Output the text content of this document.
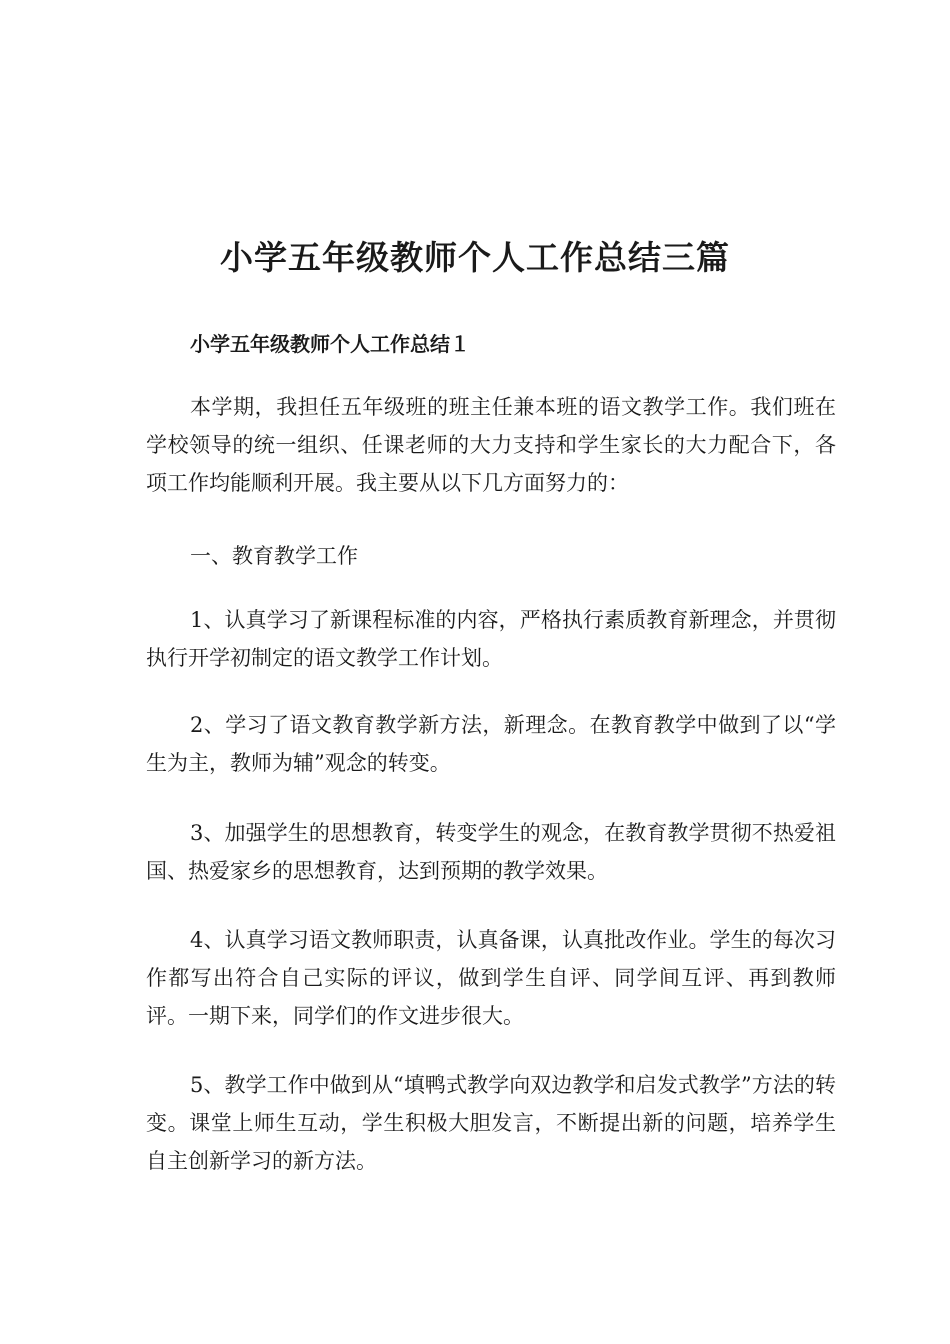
小学五年级教师个人工作总结三篇
小学五年级教师个人工作总结１

本学期，我担任五年级班的班主任兼本班的语文教学工作。我们班在学校领导的统一组织、任课老师的大力支持和学生家长的大力配合下，各项工作均能顺利开展。我主要从以下几方面努力的：

一、教育教学工作

1、认真学习了新课程标准的内容，严格执行素质教育新理念，并贯彻执行开学初制定的语文教学工作计划。

2、学习了语文教育教学新方法，新理念。在教育教学中做到了以“学生为主，教师为辅”观念的转变。

3、加强学生的思想教育，转变学生的观念，在教育教学贯彻不热爱祖国、热爱家乡的思想教育，达到预期的教学效果。

4、认真学习语文教师职责，认真备课，认真批改作业。学生的每次习作都写出符合自己实际的评议，做到学生自评、同学间互评、再到教师评。一期下来，同学们的作文进步很大。

5、教学工作中做到从“填鸭式教学向双边教学和启发式教学”方法的转变。课堂上师生互动，学生积极大胆发言，不断提出新的问题，培养学生自主创新学习的新方法。
